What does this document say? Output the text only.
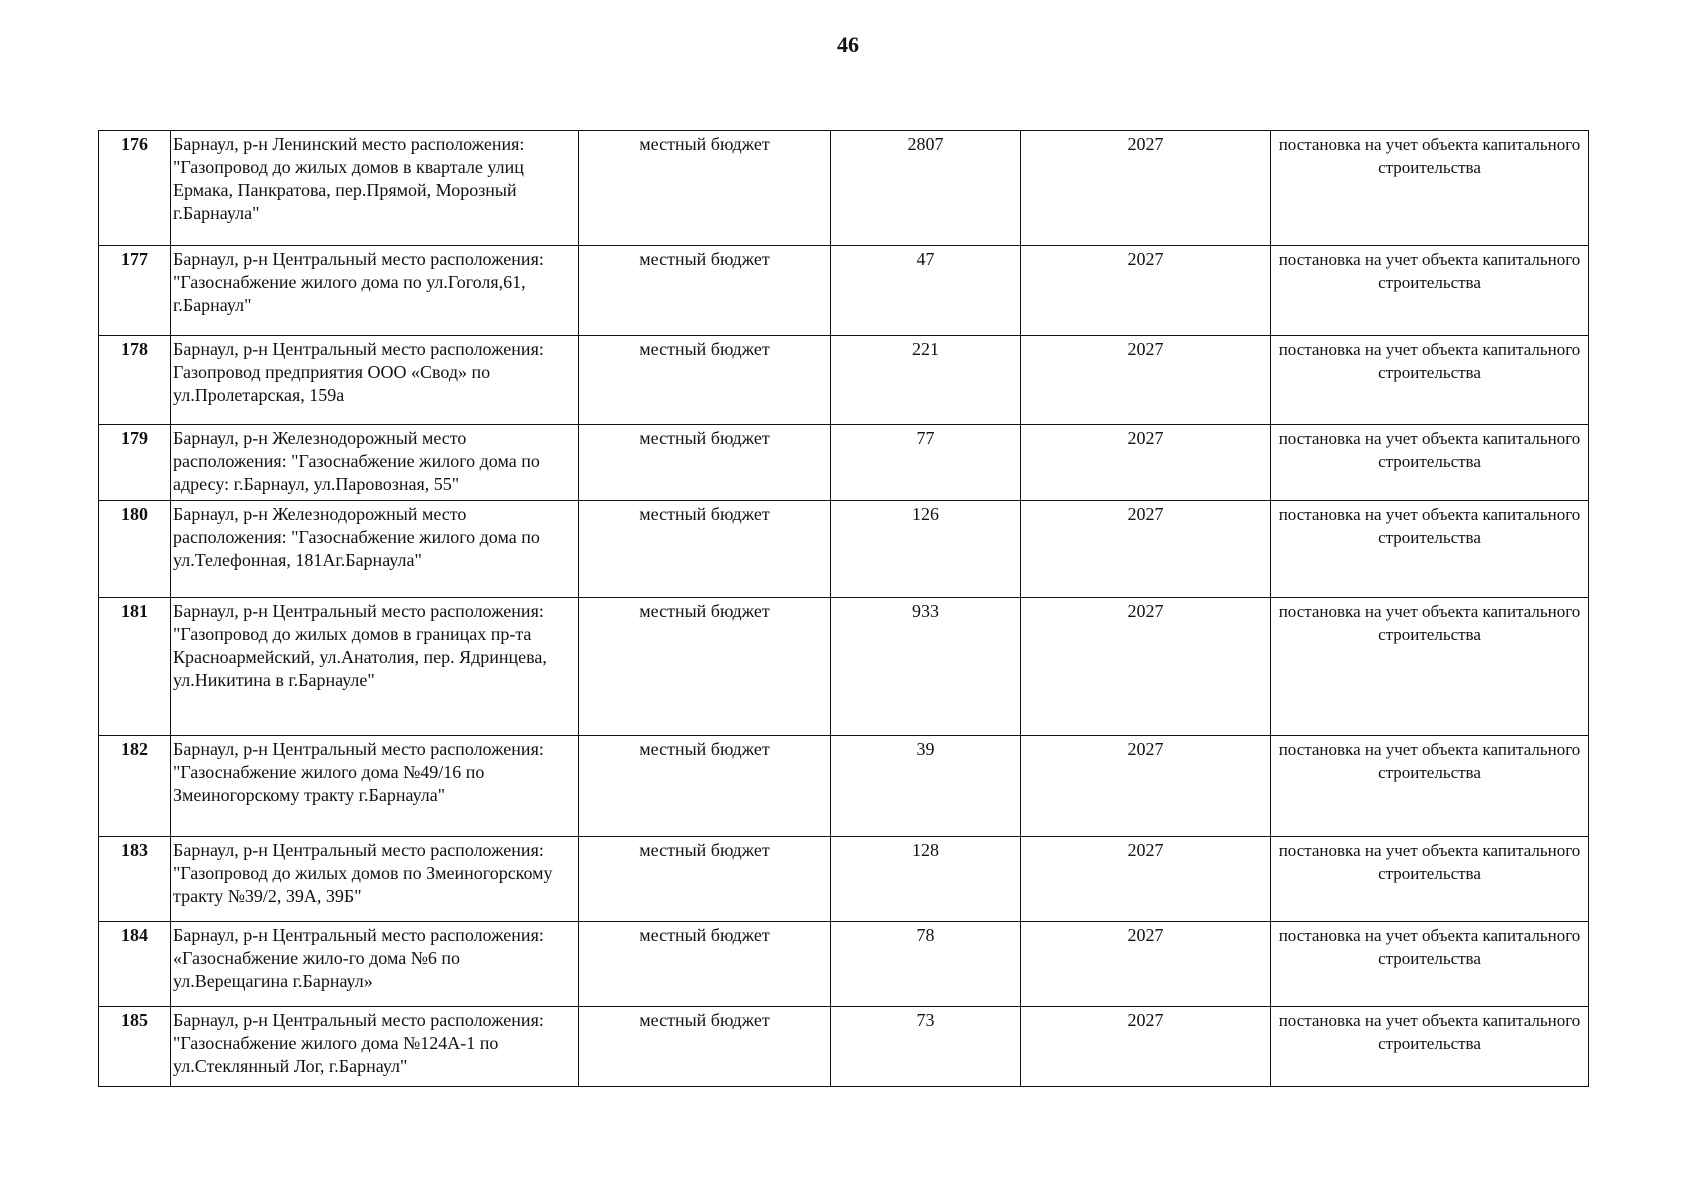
46
176	Барнаул, р-н Ленинский место расположения: "Газопровод до жилых домов в квартале улиц Ермака, Панкратова, пер.Прямой, Морозный г.Барнаула"	местный бюджет	2807	2027	постановка на учет объекта капитального строительства
177	Барнаул, р-н Центральный место расположения: "Газоснабжение жилого дома по ул.Гоголя,61, г.Барнаул"	местный бюджет	47	2027	постановка на учет объекта капитального строительства
178	Барнаул, р-н Центральный место расположения: Газопровод предприятия ООО «Свод» по ул.Пролетарская, 159а	местный бюджет	221	2027	постановка на учет объекта капитального строительства
179	Барнаул, р-н Железнодорожный место расположения: "Газоснабжение жилого дома по адресу: г.Барнаул, ул.Паровозная, 55"	местный бюджет	77	2027	постановка на учет объекта капитального строительства
180	Барнаул, р-н Железнодорожный место расположения: "Газоснабжение жилого дома по ул.Телефонная, 181Аг.Барнаула"	местный бюджет	126	2027	постановка на учет объекта капитального строительства
181	Барнаул, р-н Центральный место расположения: "Газопровод до жилых домов в границах пр-та Красноармейский, ул.Анатолия, пер. Ядринцева, ул.Никитина в г.Барнауле"	местный бюджет	933	2027	постановка на учет объекта капитального строительства
182	Барнаул, р-н Центральный место расположения: "Газоснабжение жилого дома №49/16 по Змеиногорскому тракту г.Барнаула"	местный бюджет	39	2027	постановка на учет объекта капитального строительства
183	Барнаул, р-н Центральный место расположения: "Газопровод до жилых домов по Змеиногорскому тракту №39/2, 39А, 39Б"	местный бюджет	128	2027	постановка на учет объекта капитального строительства
184	Барнаул, р-н Центральный место расположения: «Газоснабжение жило-го дома №6 по ул.Верещагина г.Барнаул»	местный бюджет	78	2027	постановка на учет объекта капитального строительства
185	Барнаул, р-н Центральный место расположения: "Газоснабжение жилого дома №124А-1 по ул.Стеклянный Лог, г.Барнаул"	местный бюджет	73	2027	постановка на учет объекта капитального строительства
